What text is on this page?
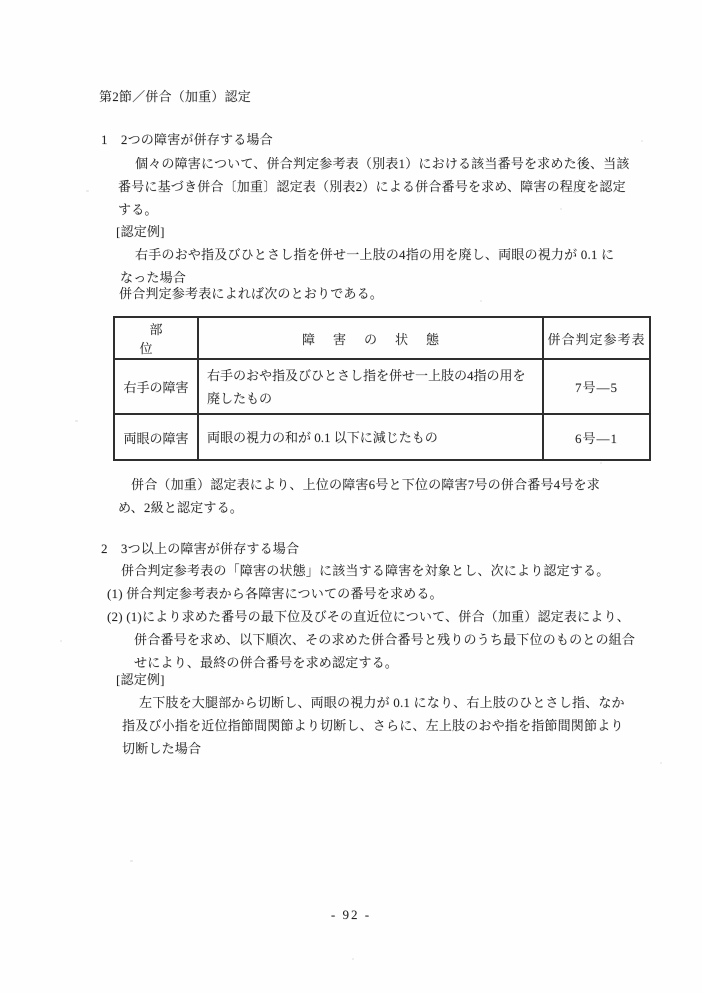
第2節／併合（加重）認定
1　2つの障害が併存する場合
個々の障害について、併合判定参考表（別表1）における該当番号を求めた後、当該
番号に基づき併合〔加重〕認定表（別表2）による併合番号を求め、障害の程度を認定
する。
[認定例]
右手のおや指及びひとさし指を併せ一上肢の4指の用を廃し、両眼の視力が 0.1 に
なった場合
併合判定参考表によれば次のとおりである。
部位	障害の状態	併合判定参考表
右手の障害	右手のおや指及びひとさし指を併せ一上肢の4指の用を廃したもの	7号―5
両眼の障害	両眼の視力の和が 0.1 以下に減じたもの	6号―1
併合（加重）認定表により、上位の障害6号と下位の障害7号の併合番号4号を求
め、2級と認定する。
2　3つ以上の障害が併存する場合
併合判定参考表の「障害の状態」に該当する障害を対象とし、次により認定する。
(1) 併合判定参考表から各障害についての番号を求める。
(2) (1)により求めた番号の最下位及びその直近位について、併合（加重）認定表により、
併合番号を求め、以下順次、その求めた併合番号と残りのうち最下位のものとの組合
せにより、最終の併合番号を求め認定する。
[認定例]
左下肢を大腿部から切断し、両眼の視力が 0.1 になり、右上肢のひとさし指、なか
指及び小指を近位指節間関節より切断し、さらに、左上肢のおや指を指節間関節より
切断した場合
- 92 -
